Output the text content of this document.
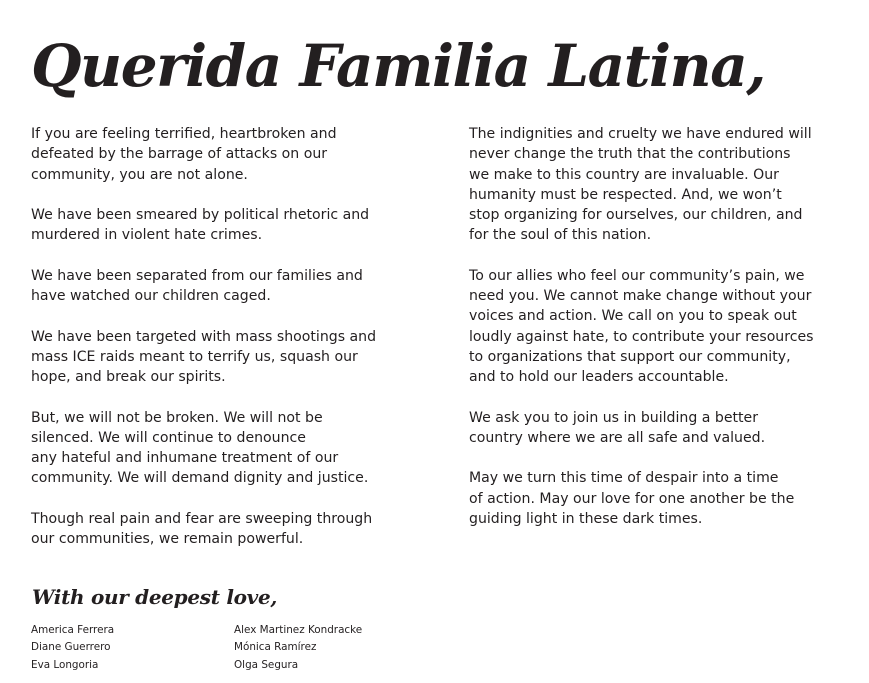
Querida Familia Latina,

If you are feeling terrified, heartbroken and
defeated by the barrage of attacks on our
community, you are not alone.

We have been smeared by political rhetoric and
murdered in violent hate crimes.

We have been separated from our families and
have watched our children caged.

We have been targeted with mass shootings and
mass ICE raids meant to terrify us, squash our
hope, and break our spirits.

But, we will not be broken. We will not be
silenced. We will continue to denounce
any hateful and inhumane treatment of our
community. We will demand dignity and justice.

Though real pain and fear are sweeping through
our communities, we remain powerful.

The indignities and cruelty we have endured will
never change the truth that the contributions
we make to this country are invaluable. Our
humanity must be respected. And, we won’t
stop organizing for ourselves, our children, and
for the soul of this nation.

To our allies who feel our community’s pain, we
need you. We cannot make change without your
voices and action. We call on you to speak out
loudly against hate, to contribute your resources
to organizations that support our community,
and to hold our leaders accountable.

We ask you to join us in building a better
country where we are all safe and valued.

May we turn this time of despair into a time
of action. May our love for one another be the
guiding light in these dark times.

With our deepest love,
America Ferrera
Diane Guerrero
Eva Longoria
Alex Martinez Kondracke
Mónica Ramírez
Olga Segura
